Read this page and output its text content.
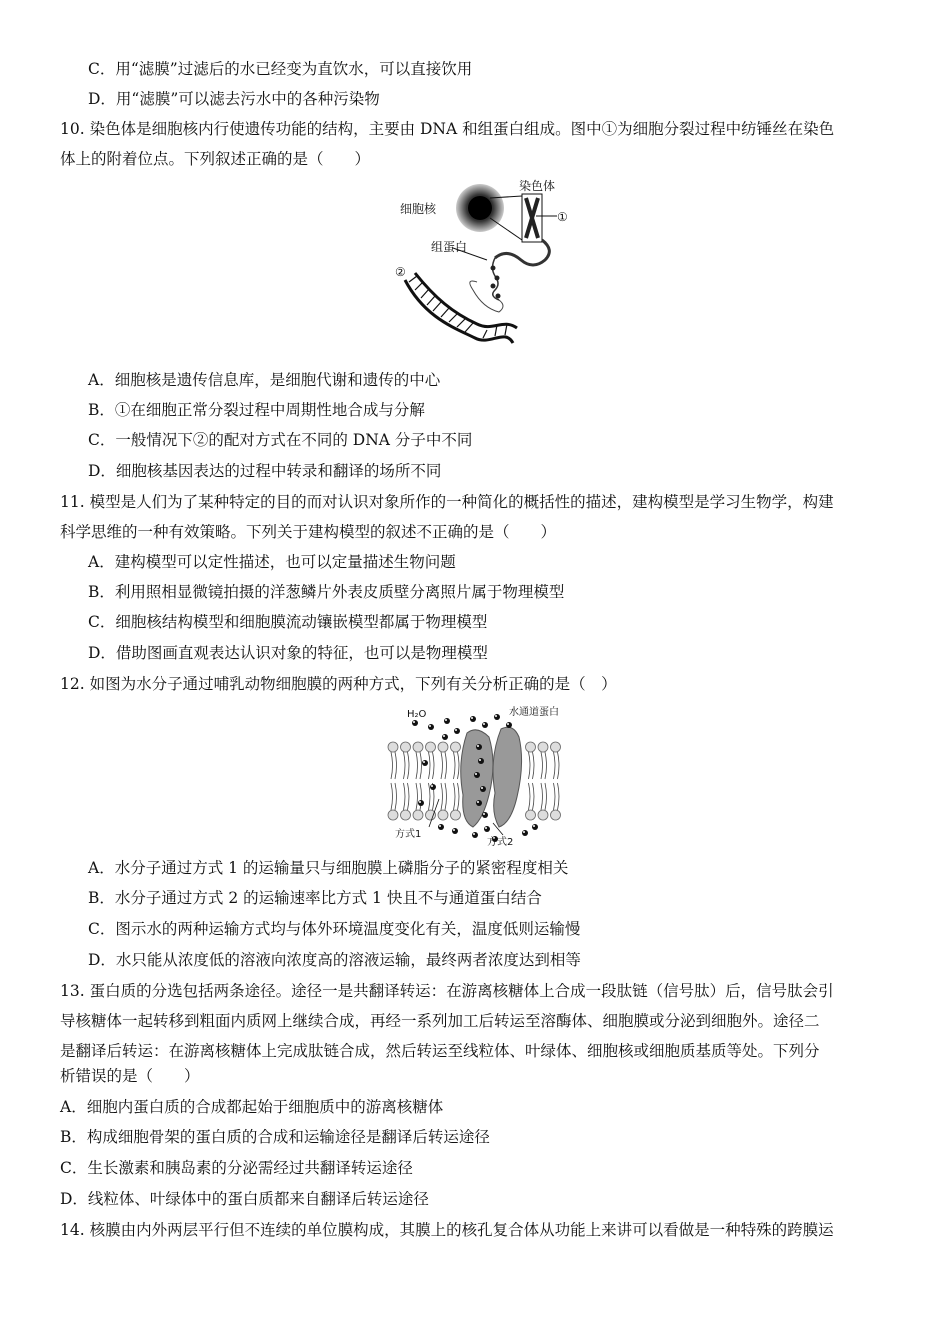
C．用“滤膜”过滤后的水已经变为直饮水，可以直接饮用
D．用“滤膜”可以滤去污水中的各种污染物
10. 染色体是细胞核内行使遗传功能的结构，主要由 DNA 和组蛋白组成。图中①为细胞分裂过程中纺锤丝在染色
体上的附着位点。下列叙述正确的是（　　）
细胞核
染色体
①
组蛋白
②
A．细胞核是遗传信息库，是细胞代谢和遗传的中心
B．①在细胞正常分裂过程中周期性地合成与分解
C．一般情况下②的配对方式在不同的 DNA 分子中不同
D．细胞核基因表达的过程中转录和翻译的场所不同
11. 模型是人们为了某种特定的目的而对认识对象所作的一种简化的概括性的描述，建构模型是学习生物学，构建
科学思维的一种有效策略。下列关于建构模型的叙述不正确的是（　　）
A．建构模型可以定性描述，也可以定量描述生物问题
B．利用照相显微镜拍摄的洋葱鳞片外表皮质壁分离照片属于物理模型
C．细胞核结构模型和细胞膜流动镶嵌模型都属于物理模型
D．借助图画直观表达认识对象的特征，也可以是物理模型
12. 如图为水分子通过哺乳动物细胞膜的两种方式，下列有关分析正确的是（　）
H₂O	水通道蛋白
方式1
方式2
A．水分子通过方式 1 的运输量只与细胞膜上磷脂分子的紧密程度相关
B．水分子通过方式 2 的运输速率比方式 1 快且不与通道蛋白结合
C．图示水的两种运输方式均与体外环境温度变化有关，温度低则运输慢
D．水只能从浓度低的溶液向浓度高的溶液运输，最终两者浓度达到相等
13. 蛋白质的分选包括两条途径。途径一是共翻译转运：在游离核糖体上合成一段肽链（信号肽）后，信号肽会引
导核糖体一起转移到粗面内质网上继续合成，再经一系列加工后转运至溶酶体、细胞膜或分泌到细胞外。途径二
是翻译后转运：在游离核糖体上完成肽链合成，然后转运至线粒体、叶绿体、细胞核或细胞质基质等处。下列分
析错误的是（　　）
A．细胞内蛋白质的合成都起始于细胞质中的游离核糖体
B．构成细胞骨架的蛋白质的合成和运输途径是翻译后转运途径
C．生长激素和胰岛素的分泌需经过共翻译转运途径
D．线粒体、叶绿体中的蛋白质都来自翻译后转运途径
14. 核膜由内外两层平行但不连续的单位膜构成，其膜上的核孔复合体从功能上来讲可以看做是一种特殊的跨膜运
